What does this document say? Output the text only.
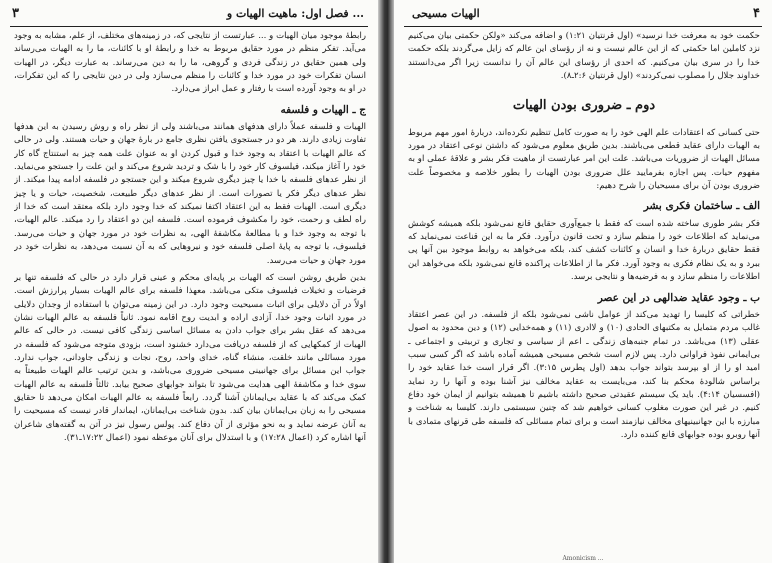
۳	فصل اول: ماهیت الهیات و ...

رابطهٔ موجود میان الهیات و ... عبارتست از نتایجی که، در زمینه‌های مختلف، از علم، مشابه به وجود می‌آید. تفکر منظم در مورد حقایق مربوط به خدا و رابطهٔ او با کائنات، ما را به الهیات می‌رساند ولی همین حقایق در زندگی فردی و گروهی، ما را به دین می‌رساند. به عبارت دیگر، در الهیات انسان تفکرات خود در مورد خدا و کائنات را منظم می‌سازد ولی در دین نتایجی را که این تفکرات، در او به وجود آورده است با رفتار و عمل ابراز می‌دارد.

ج ـ الهیات و فلسفه

الهیات و فلسفه عملاً دارای هدفهای همانند می‌باشند ولی از نظر راه و روش رسیدن به این هدفها تفاوت زیادی دارند. هر دو در جستجوی یافتن نظری جامع در بارهٔ جهان و حیات هستند. ولی در حالی که عالم الهیات با اعتقاد به وجود خدا و قبول کردن او به عنوان علت همه چیز به استنتاج گاه کار خود را آغاز میکند، فیلسوف کار خود را با شک و تردید شروع می‌کند و این علت را جستجو می‌نماید. از نظر عدهای فلسفه با خدا یا چیز دیگری شروع میکند و این جستجو در فلسفه ادامه پیدا میکند. از نظر عدهای دیگر فکر یا تصورات است. از نظر عدهای دیگر طبیعت، شخصیت، حیات و یا چیز دیگری است. الهیات فقط به این اعتقاد اکتفا نمیکند که خدا وجود دارد بلکه معتقد است که خدا از راه لطف و رحمت، خود را مکشوف فرموده است. فلسفه این دو اعتقاد را رد میکند. عالم الهیات، با توجه به وجود خدا و با مطالعهٔ مکاشفهٔ الهی، به نظرات خود در مورد جهان و حیات می‌رسد. فیلسوف، با توجه به پایهٔ اصلی فلسفه خود و نیروهایی که به آن نسبت می‌دهد، به نظرات خود در مورد جهان و حیات می‌رسد.

بدین طریق روشن است که الهیات بر پایه‌ای محکم و عینی قرار دارد در حالی که فلسفه تنها بر فرضیات و تخیلات فیلسوف متکی می‌باشد. معهذا فلسفه برای عالم الهیات بسیار پرارزش است. اولاً در آن دلایلی برای اثبات مسیحیت وجود دارد. در این زمینه می‌توان با استفاده از وجدان دلایلی در مورد اثبات وجود خدا، آزادی اراده و ابدیت روح اقامه نمود. ثانیاً فلسفه به عالم الهیات نشان می‌دهد که عقل بشر برای جواب دادن به مسائل اساسی زندگی کافی نیست. در حالی که عالم الهیات از کمکهایی که از فلسفه دریافت می‌دارد خشنود است، بزودی متوجه می‌شود که فلسفه در مورد مسائلی مانند خلقت، منشاء گناه، خدای واحد، روح، نجات و زندگی جاودانی، جواب ندارد. جواب این مسائل برای جهانبینی مسیحی ضروری می‌باشد، و بدین ترتیب عالم الهیات طبیعتاً به سوی خدا و مکاشفهٔ الهی هدایت می‌شود تا بتواند جوابهای صحیح بیابد. ثالثاً فلسفه به عالم الهیات کمک می‌کند که با عقاید بی‌ایمانان آشنا گردد. رابعاً فلسفه به عالم الهیات امکان می‌دهد تا حقایق مسیحی را به زبان بی‌ایمانان بیان کند. بدون شناخت بی‌ایمانان، ایماندار قادر نیست که مسیحیت را به آنان عرضه نماید و به نحو مؤثری از آن دفاع کند. پولس رسول نیز در آتن به گفته‌های شاعران آنها اشاره کرد (اعمال ۱۷:۲۸) و با استدلال برای آنان موعظه نمود (اعمال ۱۷:۲۲ـ۳۱).

۴
الهیات مسیحی

حکمت خود به معرفت خدا نرسید» (اول قرنتیان ۱:۲۱) و اضافه می‌کند «ولکن حکمتی بیان می‌کنیم نزد کاملین اما حکمتی که از این عالم نیست و نه از رؤسای این عالم که زایل می‌گردند بلکه حکمت خدا را در سری بیان می‌کنیم. که احدی از رؤسای این عالم آن را ندانست زیرا اگر می‌دانستند خداوند جلال را مصلوب نمی‌کردند» (اول قرنتیان ۲:۶ـ۸).

دوم ـ ضروری بودن الهیات

حتی کسانی که اعتقادات علم الهی خود را به صورت کامل تنظیم نکرده‌اند، دربارهٔ امور مهم مربوط به الهیات دارای عقاید قطعی می‌باشند. بدین طریق معلوم می‌شود که داشتن نوعی اعتقاد در مورد مسائل الهیات از ضروریات می‌باشد. علت این امر عبارتست از ماهیت فکر بشر و علاقهٔ عملی او به مفهوم حیات. پس اجازه بفرمایید علل ضروری بودن الهیات را بطور خلاصه و مخصوصاً علت ضروری بودن آن برای مسیحیان را شرح دهیم:

الف ـ ساختمان فکری بشر

فکر بشر طوری ساخته شده است که فقط با جمع‌آوری حقایق قانع نمی‌شود بلکه همیشه کوشش می‌نماید که اطلاعات خود را منظم سازد و تحت قانون درآورد. فکر ما به این قناعت نمی‌نماید که فقط حقایق دربارهٔ خدا و انسان و کائنات کشف کند، بلکه می‌خواهد به روابط موجود بین آنها پی ببرد و به یک نظام فکری به وجود آورد. فکر ما از اطلاعات پراکنده قانع نمی‌شود بلکه می‌خواهد این اطلاعات را منظم سازد و به فرضیه‌ها و نتایجی برسد.

ب ـ وجود عقاید ضدالهی در این عصر

خطراتی که کلیسا را تهدید می‌کند از عوامل ناشی نمی‌شود بلکه از فلسفه. در این عصر اعتقاد غالب مردم متمایل به مکتبهای الحادی (۱۰) و لاادری (۱۱) و همه‌خدایی (۱۲) و دین محدود به اصول عقلی (۱۳) می‌باشد. در تمام جنبه‌های زندگی ـ اعم از سیاسی و تجاری و تربیتی و اجتماعی ـ بی‌ایمانی نفوذ فراوانی دارد. پس لازم است شخص مسیحی همیشه آماده باشد که اگر کسی سبب امید او را از او بپرسد بتواند جواب بدهد (اول پطرس ۳:۱۵). اگر قرار است خدا عقاید خود را براساس شالودهٔ محکم بنا کند، می‌بایست به عقاید مخالف نیز آشنا بوده و آنها را رد نماید (افسسیان ۴:۱۴). باید یک سیستم عقیدتی صحیح داشته باشیم تا همیشه بتوانیم از ایمان خود دفاع کنیم. در غیر این صورت مغلوب کسانی خواهیم شد که چنین سیستمی دارند. کلیسا به شناخت و مبارزه با این جهانبینیهای مخالف نیازمند است و برای تمام مسائلی که فلسفه طی قرنهای متمادی با آنها روبرو بوده جوابهای قانع کننده دارد.

Amonicism ...
